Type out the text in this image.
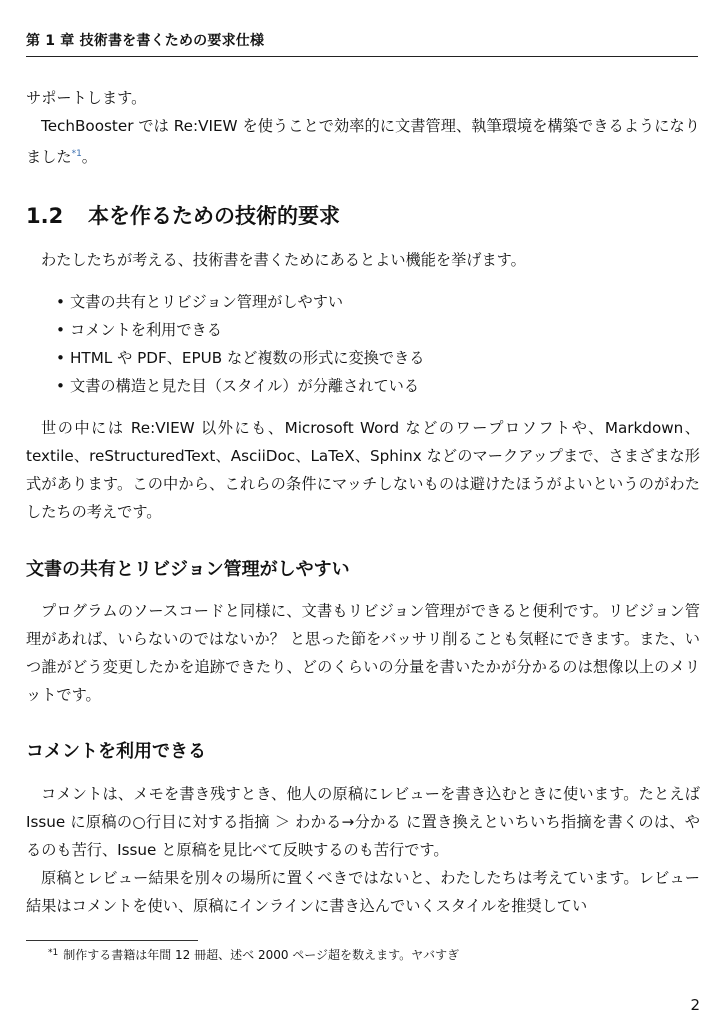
第 1 章 技術書を書くための要求仕様

サポートします。

TechBooster では Re:VIEW を使うことで効率的に文書管理、執筆環境を構築できるようになりました$^{*1}$。

1.2 本を作るための技術的要求

わたしたちが考える、技術書を書くためにあるとよい機能を挙げます。

• 文書の共有とリビジョン管理がしやすい
• コメントを利用できる
• HTML や PDF、EPUB など複数の形式に変換できる
• 文書の構造と見た目（スタイル）が分離されている

世の中には Re:VIEW 以外にも、Microsoft Word などのワープロソフトや、Markdown、textile、reStructuredText、AsciiDoc、LaTeX、Sphinx などのマークアップまで、さまざまな形式があります。この中から、これらの条件にマッチしないものは避けたほうがよいというのがわたしたちの考えです。

文書の共有とリビジョン管理がしやすい

プログラムのソースコードと同様に、文書もリビジョン管理ができると便利です。リビジョン管理があれば、いらないのではないか？ と思った節をバッサリ削ることも気軽にできます。また、いつ誰がどう変更したかを追跡できたり、どのくらいの分量を書いたかが分かるのは想像以上のメリットです。

コメントを利用できる

コメントは、メモを書き残すとき、他人の原稿にレビューを書き込むときに使います。たとえば Issue に原稿の○行目に対する指摘 ＞ わかる→分かる に置き換えといちいち指摘を書くのは、やるのも苦行、Issue と原稿を見比べて反映するのも苦行です。

原稿とレビュー結果を別々の場所に置くべきではないと、わたしたちは考えています。レビュー結果はコメントを使い、原稿にインラインに書き込んでいくスタイルを推奨してい

$^{*1}$ 制作する書籍は年間 12 冊超、述べ 2000 ページ超を数えます。ヤバすぎ
2
